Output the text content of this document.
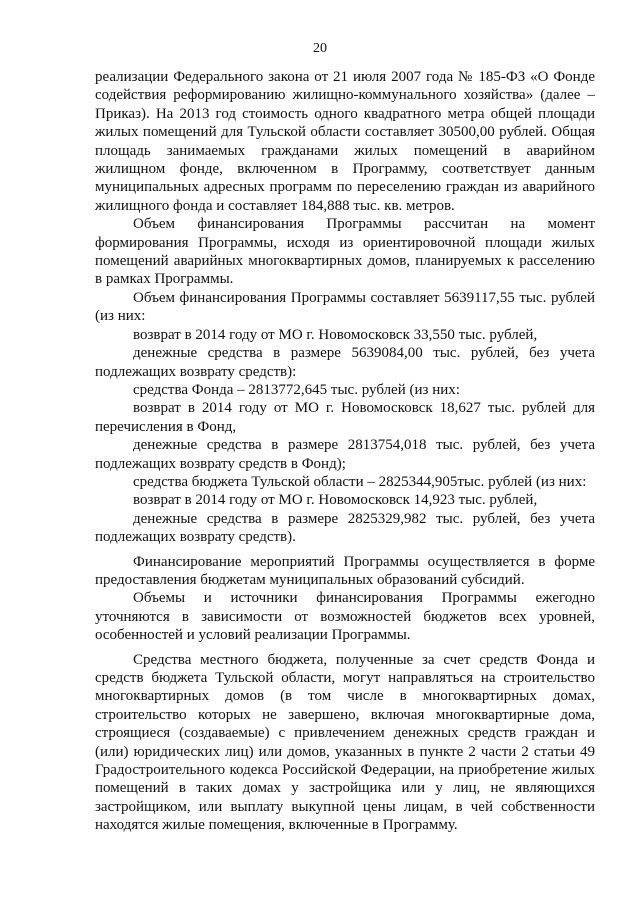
20

реализации Федерального закона от 21 июля 2007 года № 185-ФЗ «О Фонде содействия реформированию жилищно-коммунального хозяйства» (далее – Приказ). На 2013 год стоимость одного квадратного метра общей площади жилых помещений для Тульской области составляет 30500,00 рублей. Общая площадь занимаемых гражданами жилых помещений в аварийном жилищном фонде, включенном в Программу, соответствует данным муниципальных адресных программ по переселению граждан из аварийного жилищного фонда и составляет 184,888 тыс. кв. метров.

Объем финансирования Программы рассчитан на момент формирования Программы, исходя из ориентировочной площади жилых помещений аварийных многоквартирных домов, планируемых к расселению в рамках Программы.

Объем финансирования Программы составляет 5639117,55 тыс. рублей (из них:

возврат в 2014 году от МО г. Новомосковск 33,550 тыс. рублей,

денежные средства в размере 5639084,00 тыс. рублей, без учета подлежащих возврату средств):

средства Фонда – 2813772,645 тыс. рублей (из них:

возврат в 2014 году от МО г. Новомосковск 18,627 тыс. рублей для перечисления в Фонд,

денежные средства в размере 2813754,018 тыс. рублей, без учета подлежащих возврату средств в Фонд);

средства бюджета Тульской области – 2825344,905тыс. рублей (из них:

возврат в 2014 году от МО г. Новомосковск 14,923 тыс. рублей,

денежные средства в размере 2825329,982 тыс. рублей, без учета подлежащих возврату средств).

Финансирование мероприятий Программы осуществляется в форме предоставления бюджетам муниципальных образований субсидий.

Объемы и источники финансирования Программы ежегодно уточняются в зависимости от возможностей бюджетов всех уровней, особенностей и условий реализации Программы.

Средства местного бюджета, полученные за счет средств Фонда и средств бюджета Тульской области, могут направляться на строительство многоквартирных домов (в том числе в многоквартирных домах, строительство которых не завершено, включая многоквартирные дома, строящиеся (создаваемые) с привлечением денежных средств граждан и (или) юридических лиц) или домов, указанных в пункте 2 части 2 статьи 49 Градостроительного кодекса Российской Федерации, на приобретение жилых помещений в таких домах у застройщика или у лиц, не являющихся застройщиком, или выплату выкупной цены лицам, в чей собственности находятся жилые помещения, включенные в Программу.
